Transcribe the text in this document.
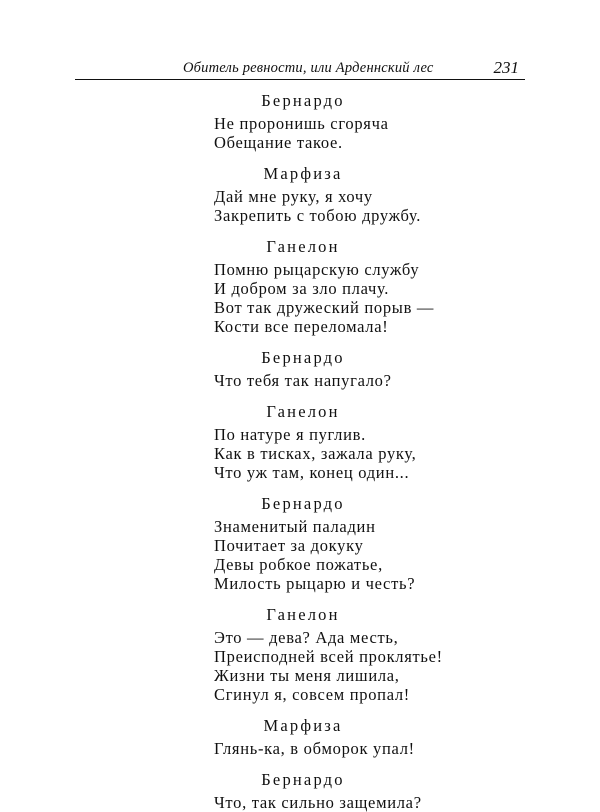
Обитель ревности, или Арденнский лес	231
Бернардо
Не проронишь сгоряча
Обещание такое.
Марфиза
Дай мне руку, я хочу
Закрепить с тобою дружбу.
Ганелон
Помню рыцарскую службу
И добром за зло плачу.
Вот так дружеский порыв —
Кости все переломала!
Бернардо
Что тебя так напугало?
Ганелон
По натуре я пуглив.
Как в тисках, зажала руку,
Что уж там, конец один...
Бернардо
Знаменитый паладин
Почитает за докуку
Девы робкое пожатье,
Милость рыцарю и честь?
Ганелон
Это — дева? Ада месть,
Преисподней всей проклятье!
Жизни ты меня лишила,
Сгинул я, совсем пропал!
Марфиза
Глянь-ка, в обморок упал!
Бернардо
Что, так сильно защемила?
